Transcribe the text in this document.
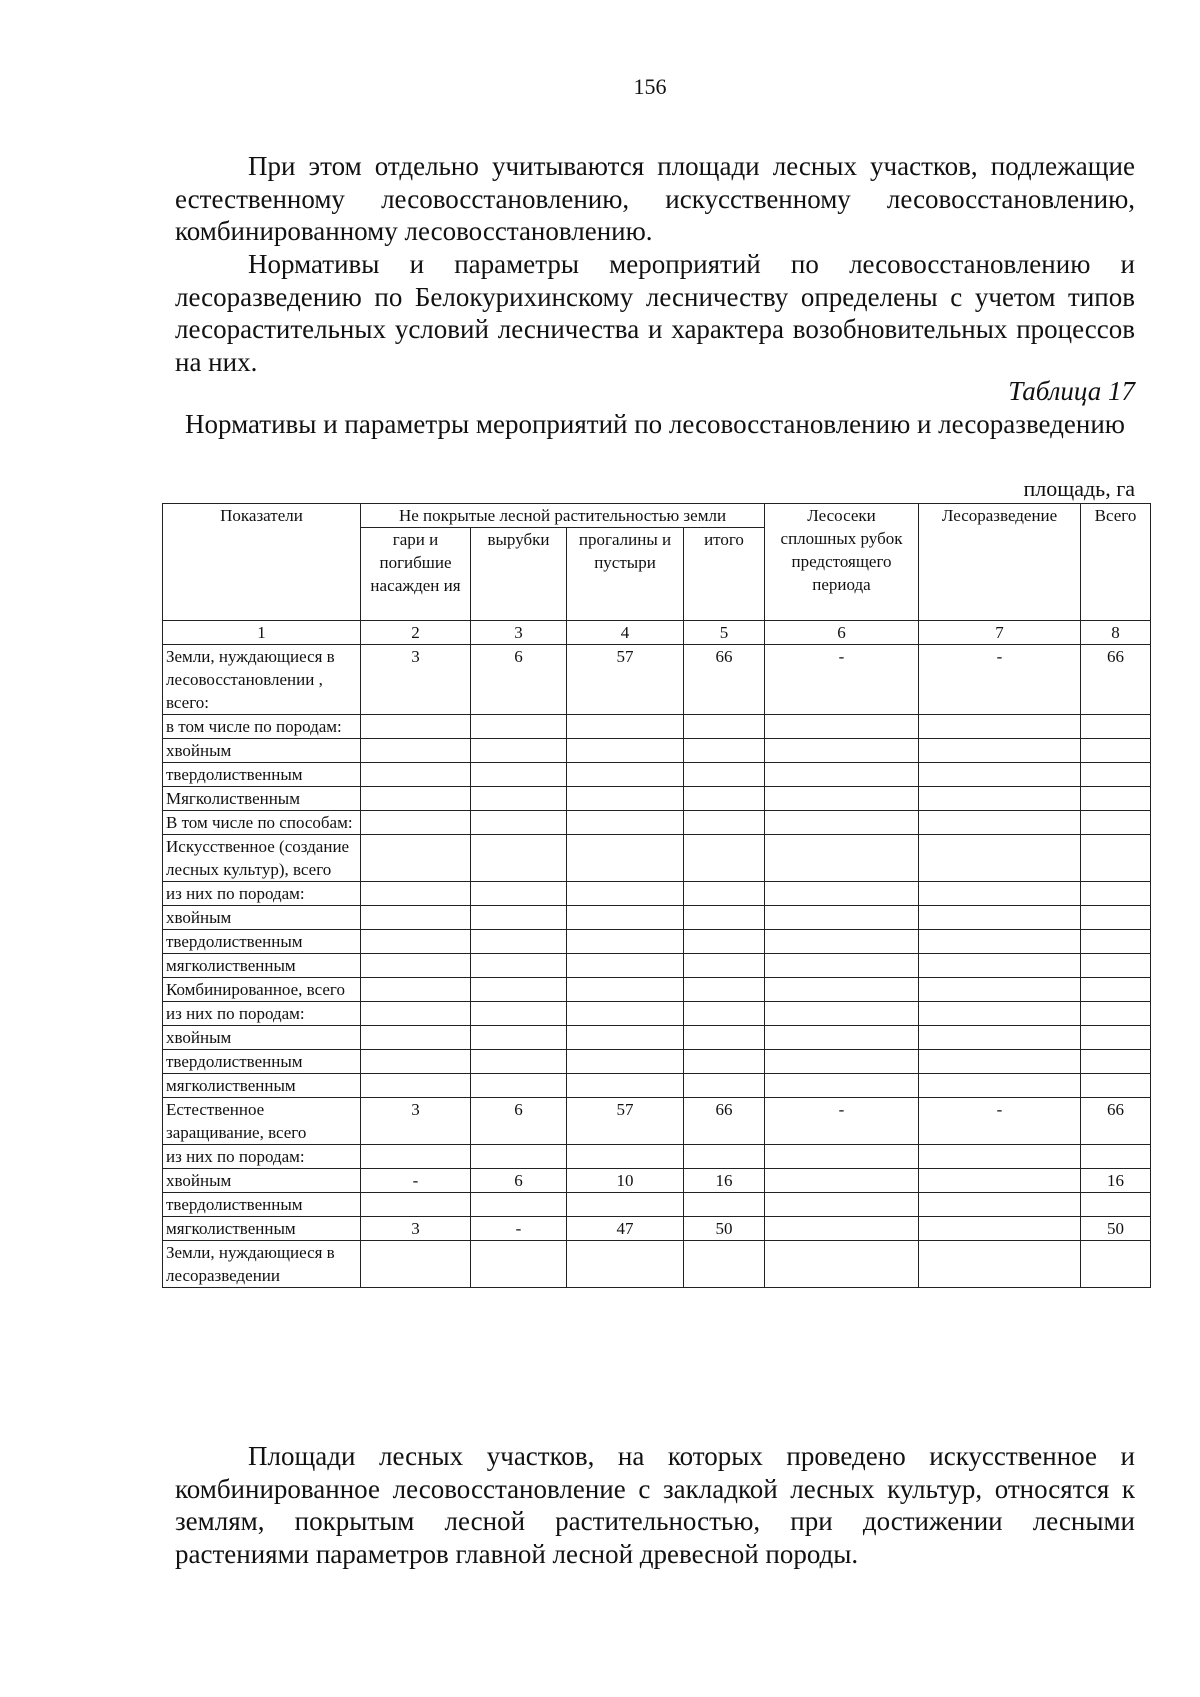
156

При этом отдельно учитываются площади лесных участков, подлежащие естественному лесовосстановлению, искусственному лесовосстановлению, комбинированному лесовосстановлению.

Нормативы и параметры мероприятий по лесовосстановлению и лесоразведению по Белокурихинскому лесничеству определены с учетом типов лесорастительных условий лесничества и характера возобновительных процессов на них.

Таблица 17
Нормативы и параметры мероприятий по лесовосстановлению и лесоразведению
площадь, га
Показатели	Не покрытые лесной растительностью земли				Лесосеки сплошных рубок предстоящего периода	Лесоразведение	Всего
	гари и погибшие насажден ия	вырубки	прогалины и пустыри	итого			
1	2	3	4	5	6	7	8
Земли, нуждающиеся в лесовосстановлении , всего:	3	6	57	66	-	-	66
в том числе по породам:							
хвойным							
твердолиственным							
Мягколиственным							
В том числе по способам:							
Искусственное (создание лесных культур), всего							
из них по породам:							
хвойным							
твердолиственным							
мягколиственным							
Комбинированное, всего							
из них по породам:							
хвойным							
твердолиственным							
мягколиственным							
Естественное заращивание, всего	3	6	57	66	-	-	66
из них по породам:							
хвойным	-	6	10	16			16
твердолиственным							
мягколиственным	3	-	47	50			50
Земли, нуждающиеся в лесоразведении							

Площади лесных участков, на которых проведено искусственное и комбинированное лесовосстановление с закладкой лесных культур, относятся к землям, покрытым лесной растительностью, при достижении лесными растениями параметров главной лесной древесной породы.
